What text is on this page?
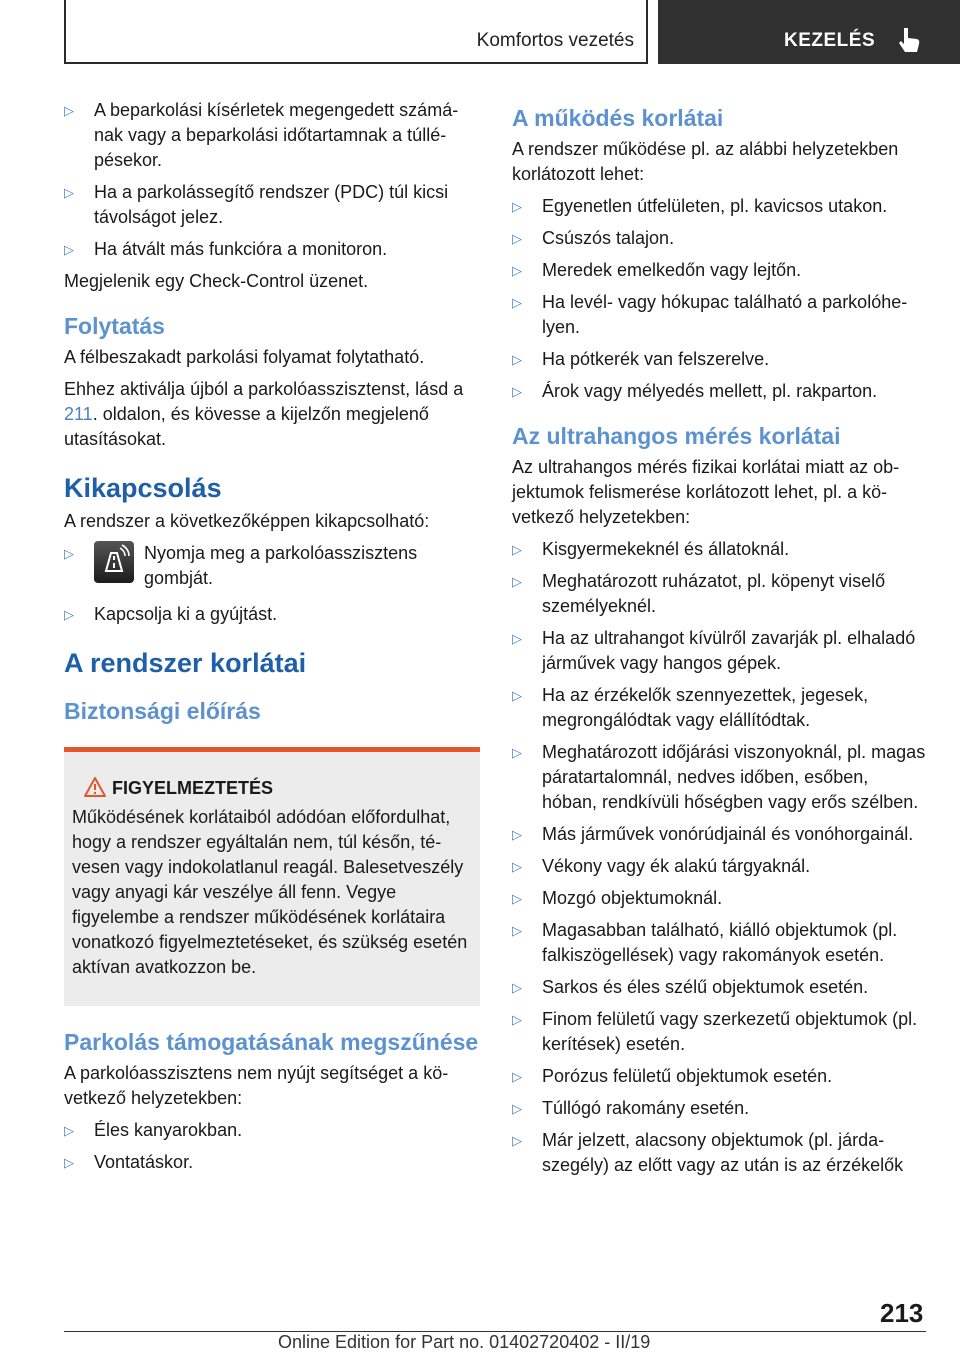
Komfortos vezetés	KEZELÉS
▷ A beparkolási kísérletek megengedett számának vagy a beparkolási időtartamnak a túllépésekor.
▷ Ha a parkolássegítő rendszer (PDC) túl kicsi távolságot jelez.
▷ Ha átvált más funkcióra a monitoron.

Megjelenik egy Check-Control üzenet.

Folytatás

A félbeszakadt parkolási folyamat folytatható.

Ehhez aktiválja újból a parkolóasszisztenst, lásd a 211. oldalon, és kövesse a kijelzőn megjelenő utasításokat.

Kikapcsolás

A rendszer a következőképpen kikapcsolható:

▷	Nyomja meg a parkolóasszisztens gombját.
▷ Kapcsolja ki a gyújtást.
A rendszer korlátai
Biztonsági előírás
FIGYELMEZTETÉS
Működésének korlátaiból adódóan előfordulhat, hogy a rendszer egyáltalán nem, túl későn, tévesen vagy indokolatlanul reagál. Balesetveszély vagy anyagi kár veszélye áll fenn. Vegye figyelembe a rendszer működésének korlátaira vonatkozó figyelmeztetéseket, és szükség esetén aktívan avatkozzon be.
Parkolás támogatásának megszűnése

A parkolóasszisztens nem nyújt segítséget a következő helyzetekben:

▷ Éles kanyarokban.
▷ Vontatáskor.
A működés korlátai

A rendszer működése pl. az alábbi helyzetekben korlátozott lehet:

▷ Egyenetlen útfelületen, pl. kavicsos utakon.
▷ Csúszós talajon.
▷ Meredek emelkedőn vagy lejtőn.
▷ Ha levél- vagy hókupac található a parkolóhelyen.
▷ Ha pótkerék van felszerelve.
▷ Árok vagy mélyedés mellett, pl. rakparton.
Az ultrahangos mérés korlátai

Az ultrahangos mérés fizikai korlátai miatt az objektumok felismerése korlátozott lehet, pl. a következő helyzetekben:

▷ Kisgyermekeknél és állatoknál.
▷ Meghatározott ruházatot, pl. köpenyt viselő személyeknél.
▷ Ha az ultrahangot kívülről zavarják pl. elhaladó járművek vagy hangos gépek.
▷ Ha az érzékelők szennyezettek, jegesek, megrongálódtak vagy elállítódtak.
▷ Meghatározott időjárási viszonyoknál, pl. magas páratartalomnál, nedves időben, esőben, hóban, rendkívüli hőségben vagy erős szélben.
▷ Más járművek vonórúdjainál és vonóhorgainál.
▷ Vékony vagy ék alakú tárgyaknál.
▷ Mozgó objektumoknál.
▷ Magasabban található, kiálló objektumok (pl. falkiszögellések) vagy rakományok esetén.
▷ Sarkos és éles szélű objektumok esetén.
▷ Finom felületű vagy szerkezetű objektumok (pl. kerítések) esetén.
▷ Porózus felületű objektumok esetén.
▷ Túllógó rakomány esetén.
▷ Már jelzett, alacsony objektumok (pl. járdaszegély) az előtt vagy az után is az érzékelők
213
Online Edition for Part no. 01402720402 - II/19
